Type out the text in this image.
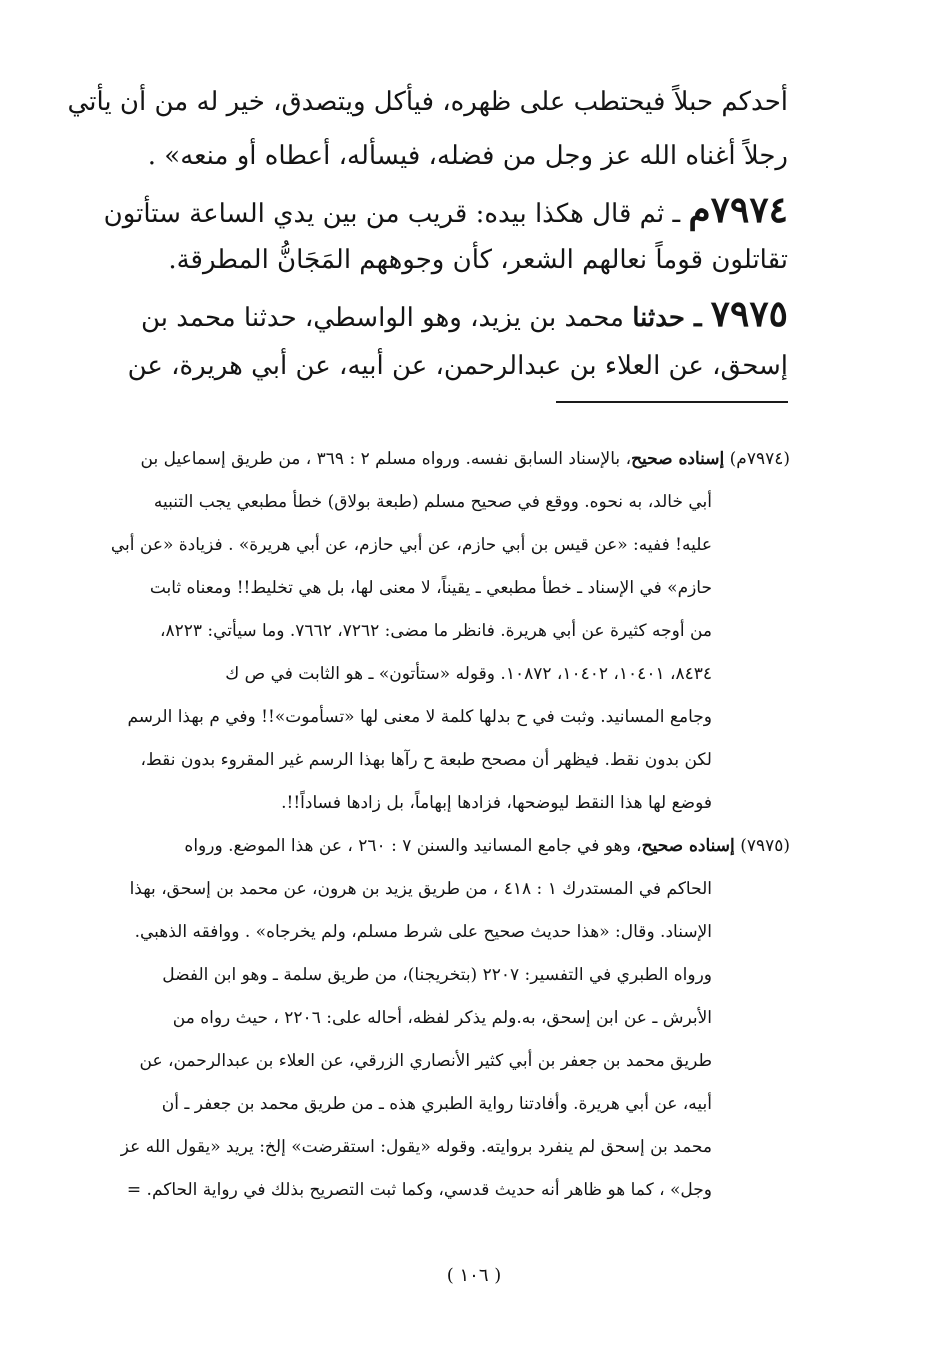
أحدكم حبلاً فيحتطب على ظهره، فيأكل ويتصدق، خير له من أن يأتي
رجلاً أغناه الله عز وجل من فضله، فيسأله، أعطاه أو منعه» .
٧٩٧٤م ـ ثم قال هكذا بيده: قريب من بين يدي الساعة ستأتون
تقاتلون قوماً نعالهم الشعر، كأن وجوههم المَجَانُّ المطرقة.
٧٩٧٥ ـ حدثنا محمد بن يزيد، وهو الواسطي، حدثنا محمد بن
إسحق، عن العلاء بن عبدالرحمن، عن أبيه، عن أبي هريرة، عن
(٧٩٧٤م) إسناده صحيح، بالإسناد السابق نفسه. ورواه مسلم ٢ : ٣٦٩ ، من طريق إسماعيل بن
أبي خالد، به نحوه. ووقع في صحيح مسلم (طبعة بولاق) خطأ مطبعي يجب التنبيه
عليه! ففيه: «عن قيس بن أبي حازم، عن أبي حازم، عن أبي هريرة» . فزيادة «عن أبي
حازم» في الإسناد ـ خطأ مطبعي ـ يقيناً، لا معنى لها، بل هي تخليط!! ومعناه ثابت
من أوجه كثيرة عن أبي هريرة. فانظر ما مضى: ٧٢٦٢، ٧٦٦٢. وما سيأتي: ٨٢٢٣،
٨٤٣٤، ١٠٤٠١، ١٠٤٠٢، ١٠٨٧٢. وقوله «ستأتون» ـ هو الثابت في ص ك
وجامع المسانيد. وثبت في ح بدلها كلمة لا معنى لها «تسأموت»!! وفي م بهذا الرسم
لكن بدون نقط. فيظهر أن مصحح طبعة ح رآها بهذا الرسم غير المقروء بدون نقط،
فوضع لها هذا النقط ليوضحها، فزادها إبهاماً، بل زادها فساداً!!.
(٧٩٧٥) إسناده صحيح، وهو في جامع المسانيد والسنن ٧ : ٢٦٠ ، عن هذا الموضع. ورواه
الحاكم في المستدرك ١ : ٤١٨ ، من طريق يزيد بن هرون، عن محمد بن إسحق، بهذا
الإسناد. وقال: «هذا حديث صحيح على شرط مسلم، ولم يخرجاه» . ووافقه الذهبي.
ورواه الطبري في التفسير: ٢٢٠٧ (بتخريجنا)، من طريق سلمة ـ وهو ابن الفضل
الأبرش ـ عن ابن إسحق، به.ولم يذكر لفظه، أحاله على: ٢٢٠٦ ، حيث رواه من
طريق محمد بن جعفر بن أبي كثير الأنصاري الزرقي، عن العلاء بن عبدالرحمن، عن
أبيه، عن أبي هريرة. وأفادتنا رواية الطبري هذه ـ من طريق محمد بن جعفر ـ أن
محمد بن إسحق لم ينفرد بروايته. وقوله «يقول: استقرضت» إلخ: يريد «يقول الله عز
وجل» ، كما هو ظاهر أنه حديث قدسي، وكما ثبت التصريح بذلك في رواية الحاكم. =
( ١٠٦ )
